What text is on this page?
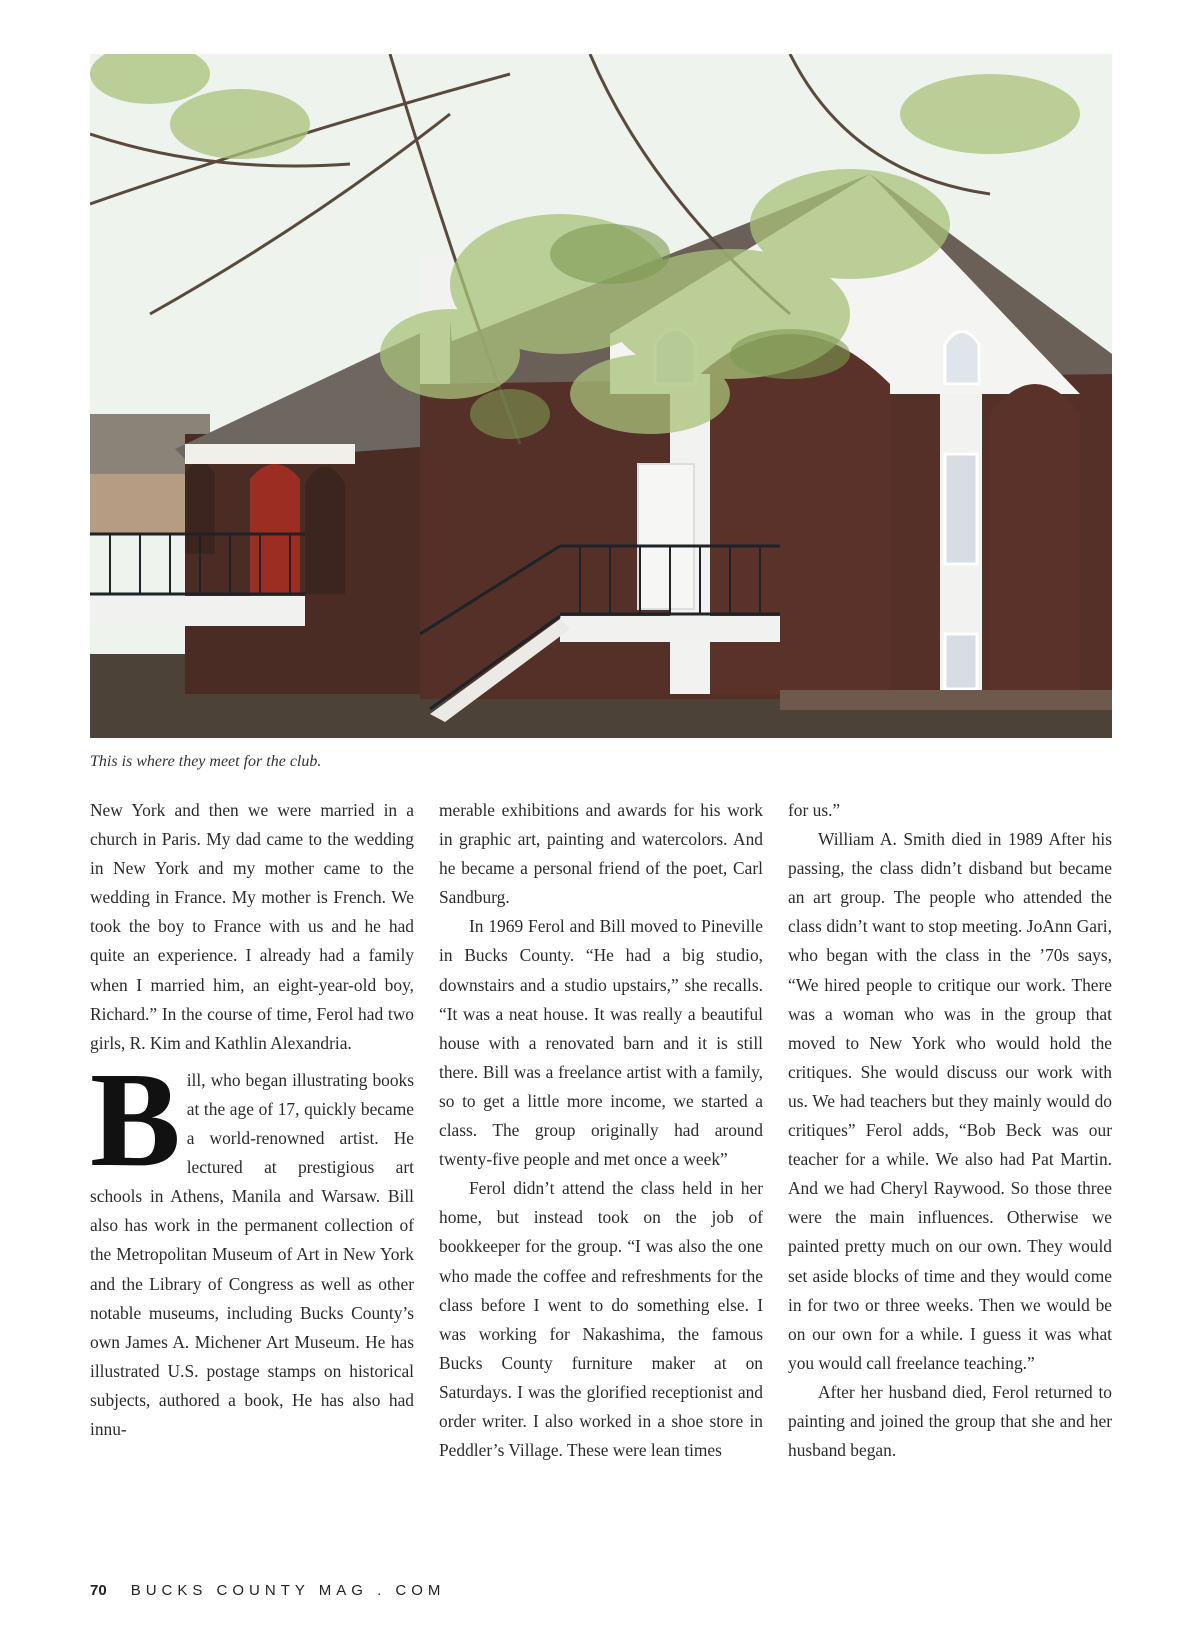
This is where they meet for the club.

New York and then we were married in a church in Paris. My dad came to the wedding in New York and my mother came to the wedding in France. My mother is French. We took the boy to France with us and he had quite an experience. I already had a family when I married him, an eight-year-old boy, Richard.” In the course of time, Ferol had two girls, R. Kim and Kathlin Alexandria.

Bill, who began illustrating books at the age of 17, quickly became a world-renowned artist. He lectured at prestigious art schools in Athens, Manila and Warsaw. Bill also has work in the permanent collection of the Metropolitan Museum of Art in New York and the Library of Congress as well as other notable museums, including Bucks County’s own James A. Michener Art Museum. He has illustrated U.S. postage stamps on historical subjects, authored a book, He has also had innu-

merable exhibitions and awards for his work in graphic art, painting and watercolors. And he became a personal friend of the poet, Carl Sandburg.

In 1969 Ferol and Bill moved to Pineville in Bucks County. “He had a big studio, downstairs and a studio upstairs,” she recalls. “It was a neat house. It was really a beautiful house with a renovated barn and it is still there. Bill was a freelance artist with a family, so to get a little more income, we started a class. The group originally had around twenty-five people and met once a week”

Ferol didn’t attend the class held in her home, but instead took on the job of bookkeeper for the group. “I was also the one who made the coffee and refreshments for the class before I went to do something else. I was working for Nakashima, the famous Bucks County furniture maker at on Saturdays. I was the glorified receptionist and order writer. I also worked in a shoe store in Peddler’s Village. These were lean times

for us.”

William A. Smith died in 1989 After his passing, the class didn’t disband but became an art group. The people who attended the class didn’t want to stop meeting. JoAnn Gari, who began with the class in the ’70s says, “We hired people to critique our work. There was a woman who was in the group that moved to New York who would hold the critiques. She would discuss our work with us. We had teachers but they mainly would do critiques” Ferol adds, “Bob Beck was our teacher for a while. We also had Pat Martin. And we had Cheryl Raywood. So those three were the main influences. Otherwise we painted pretty much on our own. They would set aside blocks of time and they would come in for two or three weeks. Then we would be on our own for a while. I guess it was what you would call freelance teaching.”

After her husband died, Ferol returned to painting and joined the group that she and her husband began.

70 BUCKS COUNTY MAG . COM
